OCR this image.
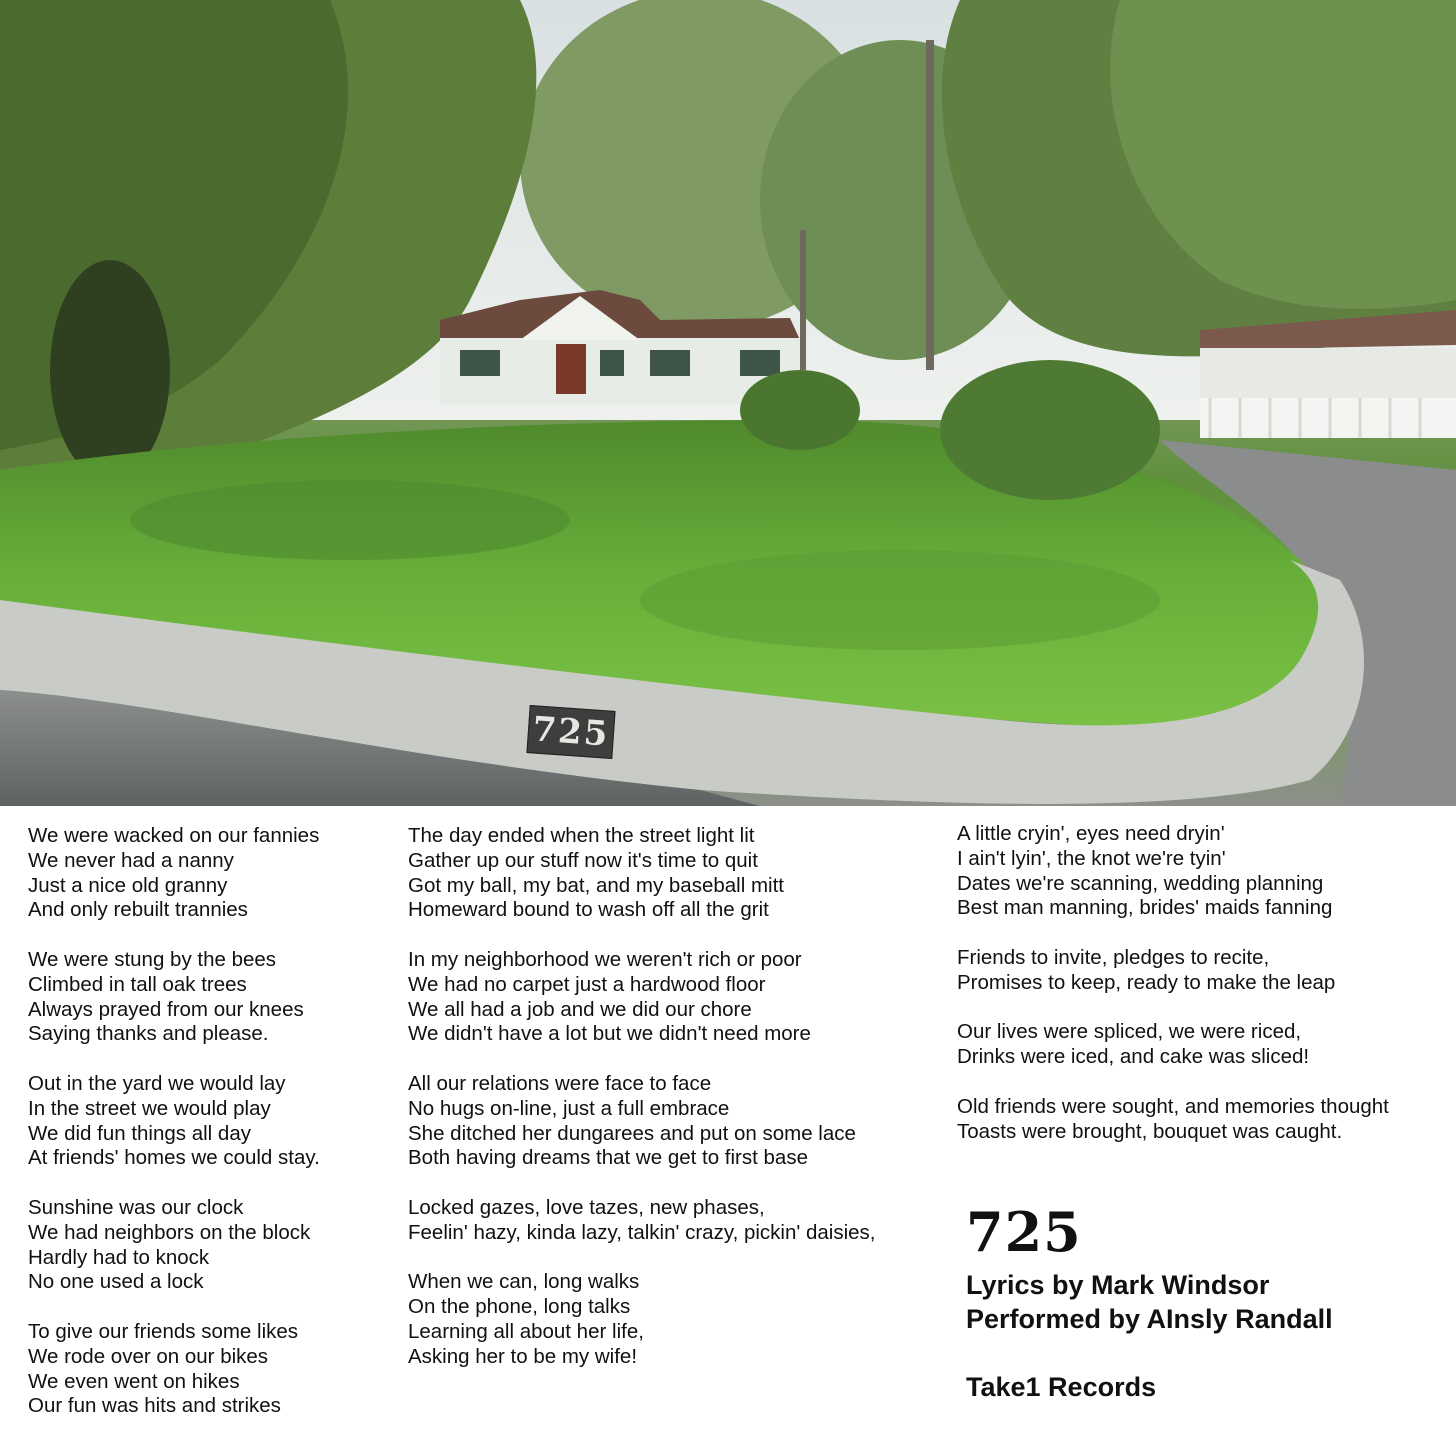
725
We were wacked on our fannies
We never had a nanny
Just a nice old granny
And only rebuilt trannies
We were stung by the bees
Climbed in tall oak trees
Always prayed from our knees
Saying thanks and please.
Out in the yard we would lay
In the street we would play
We did fun things all day
At friends' homes we could stay.
Sunshine was our clock
We had neighbors on the block
Hardly had to knock
No one used a lock
To give our friends some likes
We rode over on our bikes
We even went on hikes
Our fun was hits and strikes
The day ended when the street light lit
Gather up our stuff now it's time to quit
Got my ball, my bat, and my baseball mitt
Homeward bound to wash off all the grit
In my neighborhood we weren't rich or poor
We had no carpet just a hardwood floor
We all had a job and we did our chore
We didn't have a lot but we didn't need more
All our relations were face to face
No hugs on-line, just a full embrace
She ditched her dungarees and put on some lace
Both having dreams that we get to first base
Locked gazes, love tazes, new phases,
Feelin' hazy, kinda lazy, talkin' crazy, pickin' daisies,
When we can, long walks
On the phone, long talks
Learning all about her life,
Asking her to be my wife!
A little cryin', eyes need dryin'
I ain't lyin', the knot we're tyin'
Dates we're scanning, wedding planning
Best man manning, brides' maids fanning
Friends to invite, pledges to recite,
Promises to keep, ready to make the leap
Our lives were spliced, we were riced,
Drinks were iced, and cake was sliced!
Old friends were sought, and memories thought
Toasts were brought, bouquet was caught.
725
Lyrics by Mark Windsor
Performed by AInsly Randall
Take1 Records
